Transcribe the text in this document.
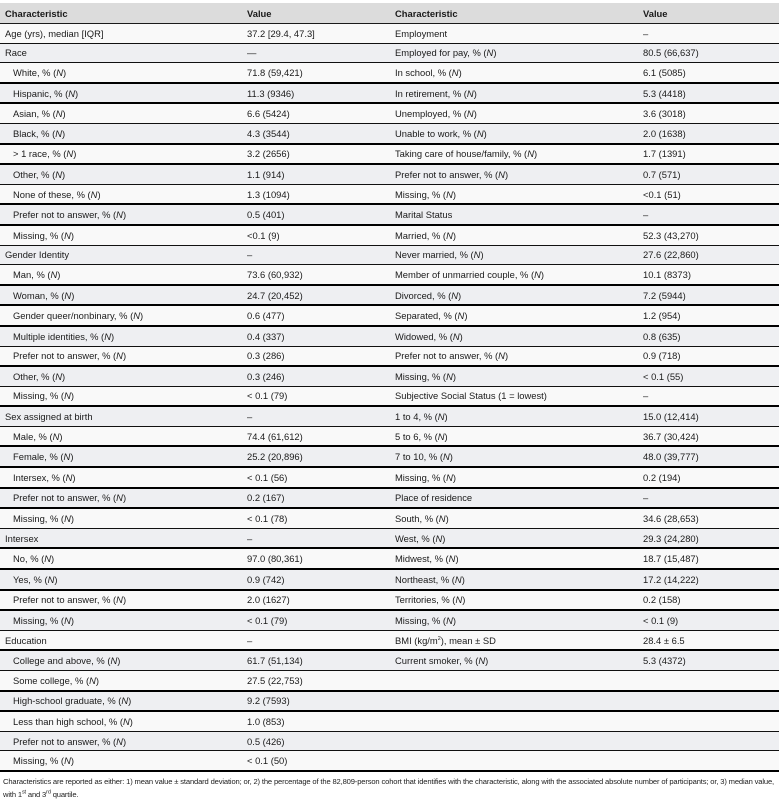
Characteristic	Value	Characteristic	Value
Age (yrs), median [IQR]	37.2 [29.4, 47.3]	Employment	–
Race	—	Employed for pay, % (N)	80.5 (66,637)
White, % (N)	71.8 (59,421)	In school, % (N)	6.1 (5085)
Hispanic, % (N)	11.3 (9346)	In retirement, % (N)	5.3 (4418)
Asian, % (N)	6.6 (5424)	Unemployed, % (N)	3.6 (3018)
Black, % (N)	4.3 (3544)	Unable to work, % (N)	2.0 (1638)
> 1 race, % (N)	3.2 (2656)	Taking care of house/family, % (N)	1.7 (1391)
Other, % (N)	1.1 (914)	Prefer not to answer, % (N)	0.7 (571)
None of these, % (N)	1.3 (1094)	Missing, % (N)	<0.1 (51)
Prefer not to answer, % (N)	0.5 (401)	Marital Status	–
Missing, % (N)	<0.1 (9)	Married, % (N)	52.3 (43,270)
Gender Identity	–	Never married, % (N)	27.6 (22,860)
Man, % (N)	73.6 (60,932)	Member of unmarried couple, % (N)	10.1 (8373)
Woman, % (N)	24.7 (20,452)	Divorced, % (N)	7.2 (5944)
Gender queer/nonbinary, % (N)	0.6 (477)	Separated, % (N)	1.2 (954)
Multiple identities, % (N)	0.4 (337)	Widowed, % (N)	0.8 (635)
Prefer not to answer, % (N)	0.3 (286)	Prefer not to answer, % (N)	0.9 (718)
Other, % (N)	0.3 (246)	Missing, % (N)	< 0.1 (55)
Missing, % (N)	< 0.1 (79)	Subjective Social Status (1 = lowest)	–
Sex assigned at birth	–	1 to 4, % (N)	15.0 (12,414)
Male, % (N)	74.4 (61,612)	5 to 6, % (N)	36.7 (30,424)
Female, % (N)	25.2 (20,896)	7 to 10, % (N)	48.0 (39,777)
Intersex, % (N)	< 0.1 (56)	Missing, % (N)	0.2 (194)
Prefer not to answer, % (N)	0.2 (167)	Place of residence	–
Missing, % (N)	< 0.1 (78)	South, % (N)	34.6 (28,653)
Intersex	–	West, % (N)	29.3 (24,280)
No, % (N)	97.0 (80,361)	Midwest, % (N)	18.7 (15,487)
Yes, % (N)	0.9 (742)	Northeast, % (N)	17.2 (14,222)
Prefer not to answer, % (N)	2.0 (1627)	Territories, % (N)	0.2 (158)
Missing, % (N)	< 0.1 (79)	Missing, % (N)	< 0.1 (9)
Education	–	BMI $(kg/m^2)$, mean ± SD	28.4 ± 6.5
College and above, % (N)	61.7 (51,134)	Current smoker, % (N)	5.3 (4372)
Some college, % (N)	27.5 (22,753)		
High-school graduate, % (N)	9.2 (7593)		
Less than high school, % (N)	1.0 (853)		
Prefer not to answer, % (N)	0.5 (426)		
Missing, % (N)	< 0.1 (50)		
Characteristics are reported as either: 1) mean value ± standard deviation; or, 2) the percentage of the 82,809-person cohort that identifies with the characteristic, along with the associated absolute number of participants; or, 3) median value, with 1st and 3rd quartile.
